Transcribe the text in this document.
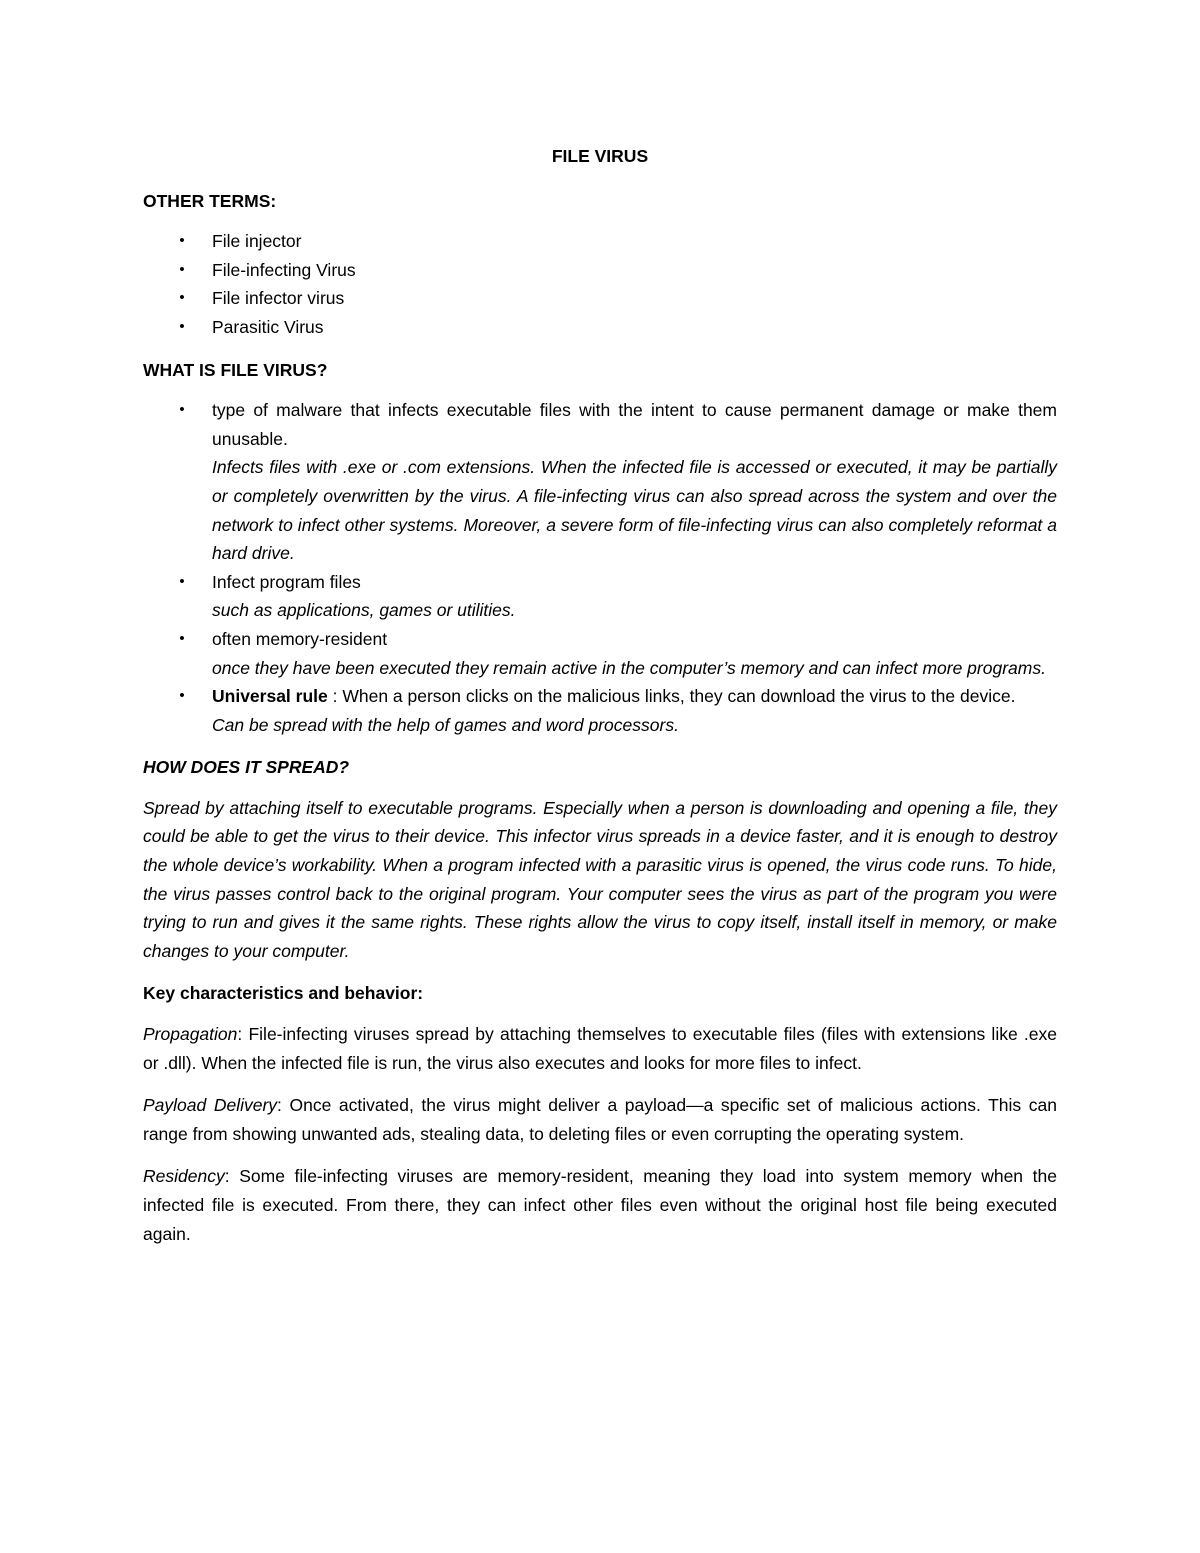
FILE VIRUS
OTHER TERMS:
• File injector
• File-infecting Virus
• File infector virus
• Parasitic Virus
WHAT IS FILE VIRUS?
• type of malware that infects executable files with the intent to cause permanent damage or make them unusable.
Infects files with .exe or .com extensions. When the infected file is accessed or executed, it may be partially or completely overwritten by the virus. A file-infecting virus can also spread across the system and over the network to infect other systems. Moreover, a severe form of file-infecting virus can also completely reformat a hard drive.
• Infect program files
such as applications, games or utilities.
• often memory-resident
once they have been executed they remain active in the computer’s memory and can infect more programs.
• Universal rule : When a person clicks on the malicious links, they can download the virus to the device.
Can be spread with the help of games and word processors.
HOW DOES IT SPREAD?

Spread by attaching itself to executable programs. Especially when a person is downloading and opening a file, they could be able to get the virus to their device. This infector virus spreads in a device faster, and it is enough to destroy the whole device’s workability. When a program infected with a parasitic virus is opened, the virus code runs. To hide, the virus passes control back to the original program. Your computer sees the virus as part of the program you were trying to run and gives it the same rights. These rights allow the virus to copy itself, install itself in memory, or make changes to your computer.

Key characteristics and behavior:

Propagation: File-infecting viruses spread by attaching themselves to executable files (files with extensions like .exe or .dll). When the infected file is run, the virus also executes and looks for more files to infect.

Payload Delivery: Once activated, the virus might deliver a payload—a specific set of malicious actions. This can range from showing unwanted ads, stealing data, to deleting files or even corrupting the operating system.

Residency: Some file-infecting viruses are memory-resident, meaning they load into system memory when the infected file is executed. From there, they can infect other files even without the original host file being executed again.
